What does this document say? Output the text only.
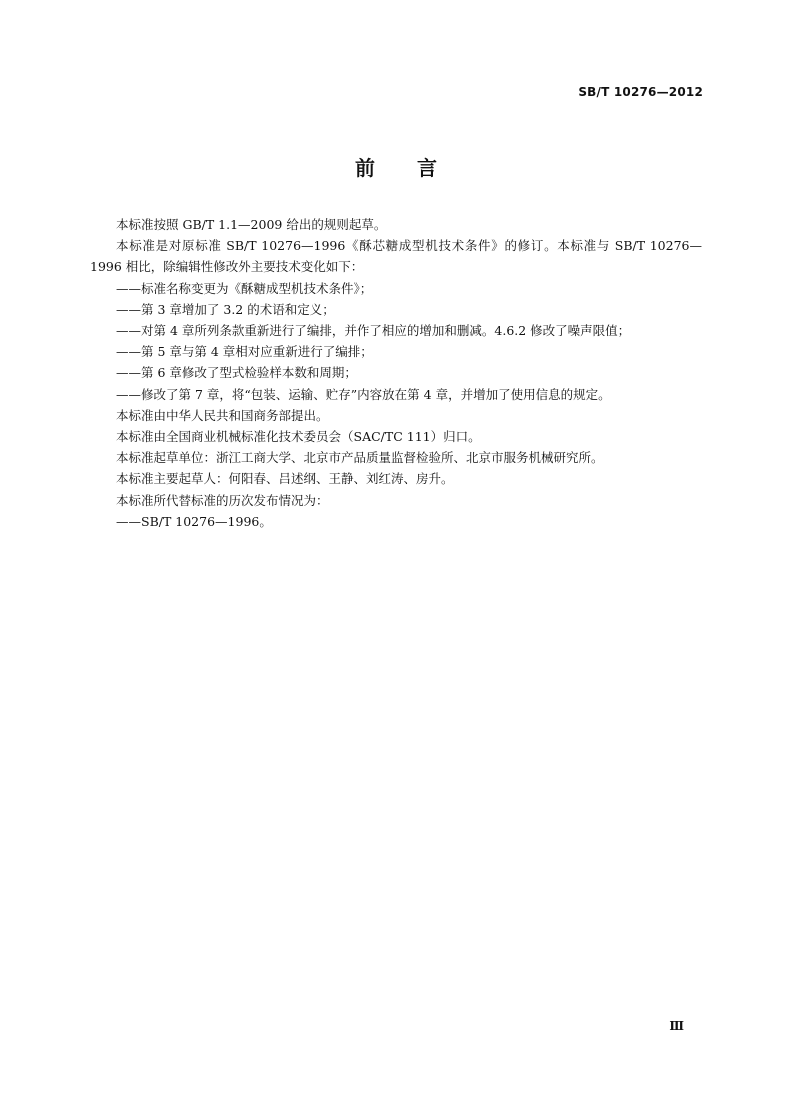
SB/T 10276—2012
前 言

本标准按照 GB/T 1.1—2009 给出的规则起草。

本标准是对原标准 SB/T 10276—1996《酥芯糖成型机技术条件》的修订。本标准与 SB/T 10276—1996 相比，除编辑性修改外主要技术变化如下：

——标准名称变更为《酥糖成型机技术条件》；

——第 3 章增加了 3.2 的术语和定义；

——对第 4 章所列条款重新进行了编排，并作了相应的增加和删减。4.6.2 修改了噪声限值；

——第 5 章与第 4 章相对应重新进行了编排；

——第 6 章修改了型式检验样本数和周期；

——修改了第 7 章，将“包装、运输、贮存”内容放在第 4 章，并增加了使用信息的规定。

本标准由中华人民共和国商务部提出。

本标准由全国商业机械标准化技术委员会（SAC/TC 111）归口。

本标准起草单位：浙江工商大学、北京市产品质量监督检验所、北京市服务机械研究所。

本标准主要起草人：何阳春、吕述纲、王静、刘红涛、房升。

本标准所代替标准的历次发布情况为：

——SB/T 10276—1996。

Ⅲ
